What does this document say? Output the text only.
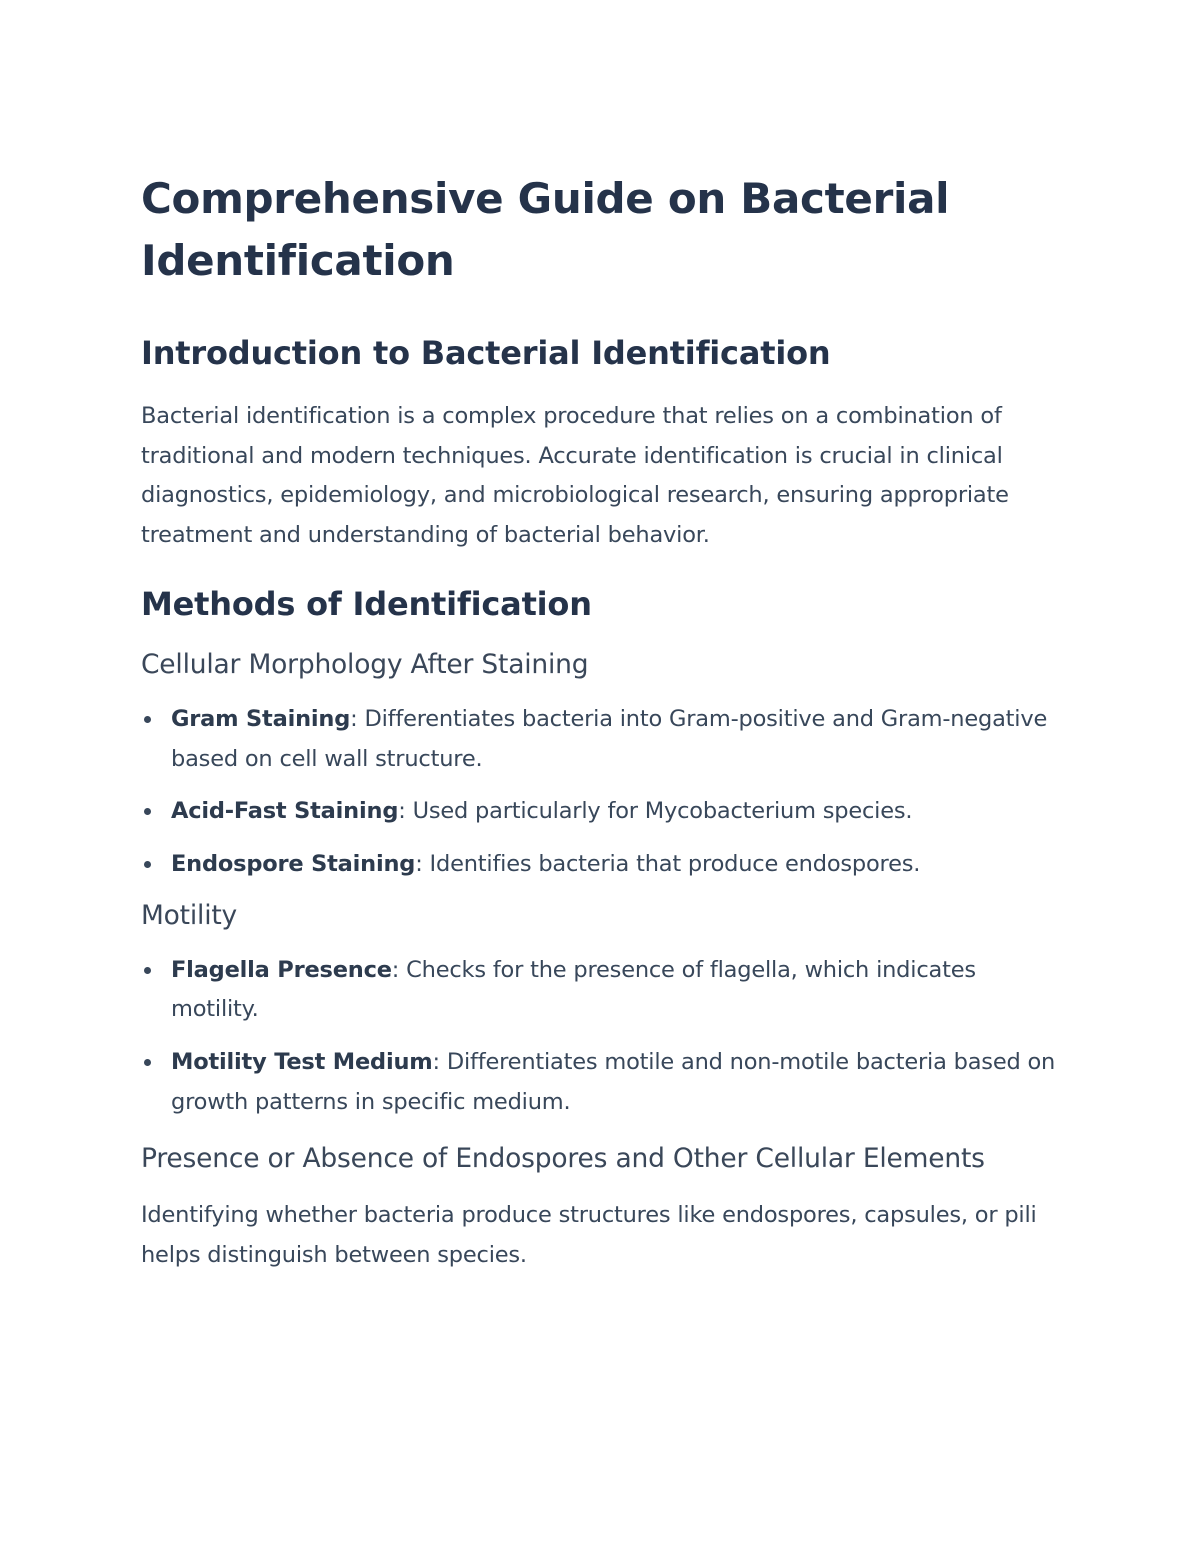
Comprehensive Guide on Bacterial Identification
Introduction to Bacterial Identification

Bacterial identification is a complex procedure that relies on a combination of traditional and modern techniques. Accurate identification is crucial in clinical diagnostics, epidemiology, and microbiological research, ensuring appropriate treatment and understanding of bacterial behavior.

Methods of Identification
Cellular Morphology After Staining
Gram Staining: Differentiates bacteria into Gram-positive and Gram-negative based on cell wall structure.
Acid-Fast Staining: Used particularly for Mycobacterium species.
Endospore Staining: Identifies bacteria that produce endospores.
Motility
Flagella Presence: Checks for the presence of flagella, which indicates motility.
Motility Test Medium: Differentiates motile and non-motile bacteria based on growth patterns in specific medium.
Presence or Absence of Endospores and Other Cellular Elements

Identifying whether bacteria produce structures like endospores, capsules, or pili helps distinguish between species.
